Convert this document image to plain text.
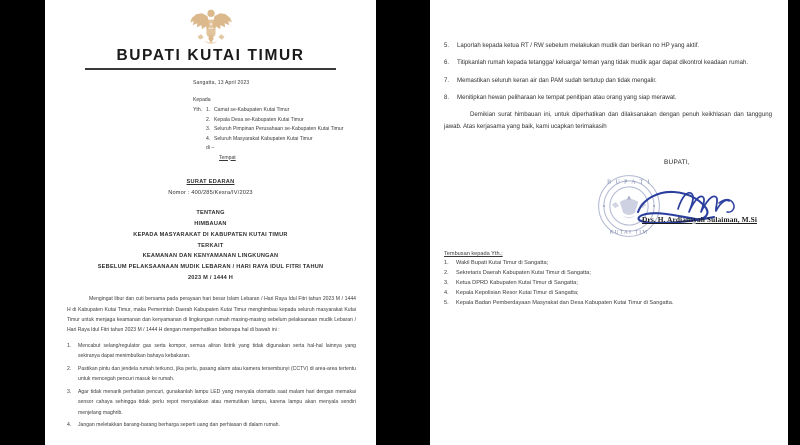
BUPATI KUTAI TIMUR
Sangatta, 13 April 2023
Kepada
Yth. 1. Camat se-Kabupaten Kutai Timur
2. Kepala Desa se-Kabupaten Kutai Timur
3. Seluruh Pimpinan Perusahaan se-Kabupaten Kutai Timur
4. Seluruh Masyarakat Kabupaten Kutai Timur
di –
Tempat
SURAT EDARAN
Nomor : 400/285/Kesra/IV/2023
TENTANG
HIMBAUAN
KEPADA MASYARAKAT DI KABUPATEN KUTAI TIMUR
TERKAIT
KEAMANAN DAN KENYAMANAN LINGKUNGAN
SEBELUM PELAKSAANAAN MUDIK LEBARAN / HARI RAYA IDUL FITRI TAHUN
2023 M / 1444 H
Mengingat libur dan cuti bersama pada perayaan hari besar Islam Lebaran / Hari Raya Idul Fitri tahun 2023 M / 1444 H di Kabupaten Kutai Timur, maka Pemerintah Daerah Kabupaten Kutai Timur menghimbau kepada seluruh masyarakat Kutai Timur untuk menjaga keamanan dan kenyamanan di lingkungan rumah masing-masing sebelum pelaksanaan mudik Lebaran / Hari Raya Idul Fitri tahun 2023 M / 1444 H dengan memperhatikan beberapa hal di bawah ini :
1.	Mencabut selang/regulator gas serta kompor, semua aliran listrik yang tidak digunakan serta hal-hal lainnya yang sekiranya dapat menimbulkan bahaya kebakaran.
2.	Pastikan pintu dan jendela rumah terkunci, jika perlu, pasang alarm atau kamera tersembunyi (CCTV) di area-area tertentu untuk mencegah pencuri masuk ke rumah.
3.	Agar tidak menarik perhatian pencuri, gunakanlah lampu LED yang menyala otomatis saat malam hari dengan memakai sensor cahaya sehingga tidak perlu repot menyalakan atau memutikan lampu, karena lampu akan menyala sendiri menjelang maghrib.
4.	Jangan meletakkan barang-barang berharga seperti uang dan perhiasan di dalam rumah.
5.	Laporlah kepada ketua RT / RW sebelum melakukan mudik dan berikan no HP yang aktif.
6.	Titipkanlah rumah kepada tetangga/ keluarga/ teman yang tidak mudik agar dapat dikontrol keadaan rumah.
7.	Memastikan seluruh keran air dan PAM sudah tertutup dan tidak mengalir.
8.	Menitipkan hewan peliharaan ke tempat penitipan atau orang yang siap merawat.
Demikian surat himbauan ini, untuk diperhatikan dan dilaksanakan dengan penuh keikhlasan dan tanggung jawab. Atas kerjasama yang baik, kami ucapkan terimakasih
BUPATI,
B U P A T I
KUTAI TIM
Drs. H. Ardiansyah Sulaiman, M.Si
Tembusan kepada Yth.;
1.	Wakil Bupati Kutai Timur di Sangatta;
2.	Sekretaris Daerah Kabupaten Kutai Timur di Sangatta;
3.	Ketua DPRD Kabupaten Kutai Timur di Sangatta;
4.	Kepala Kepolisian Resor Kutai Timur di Sangatta;
5.	Kepala Badan Pemberdayaan Masyrakat dan Desa Kabupaten Kutai Timur di Sangatta.
